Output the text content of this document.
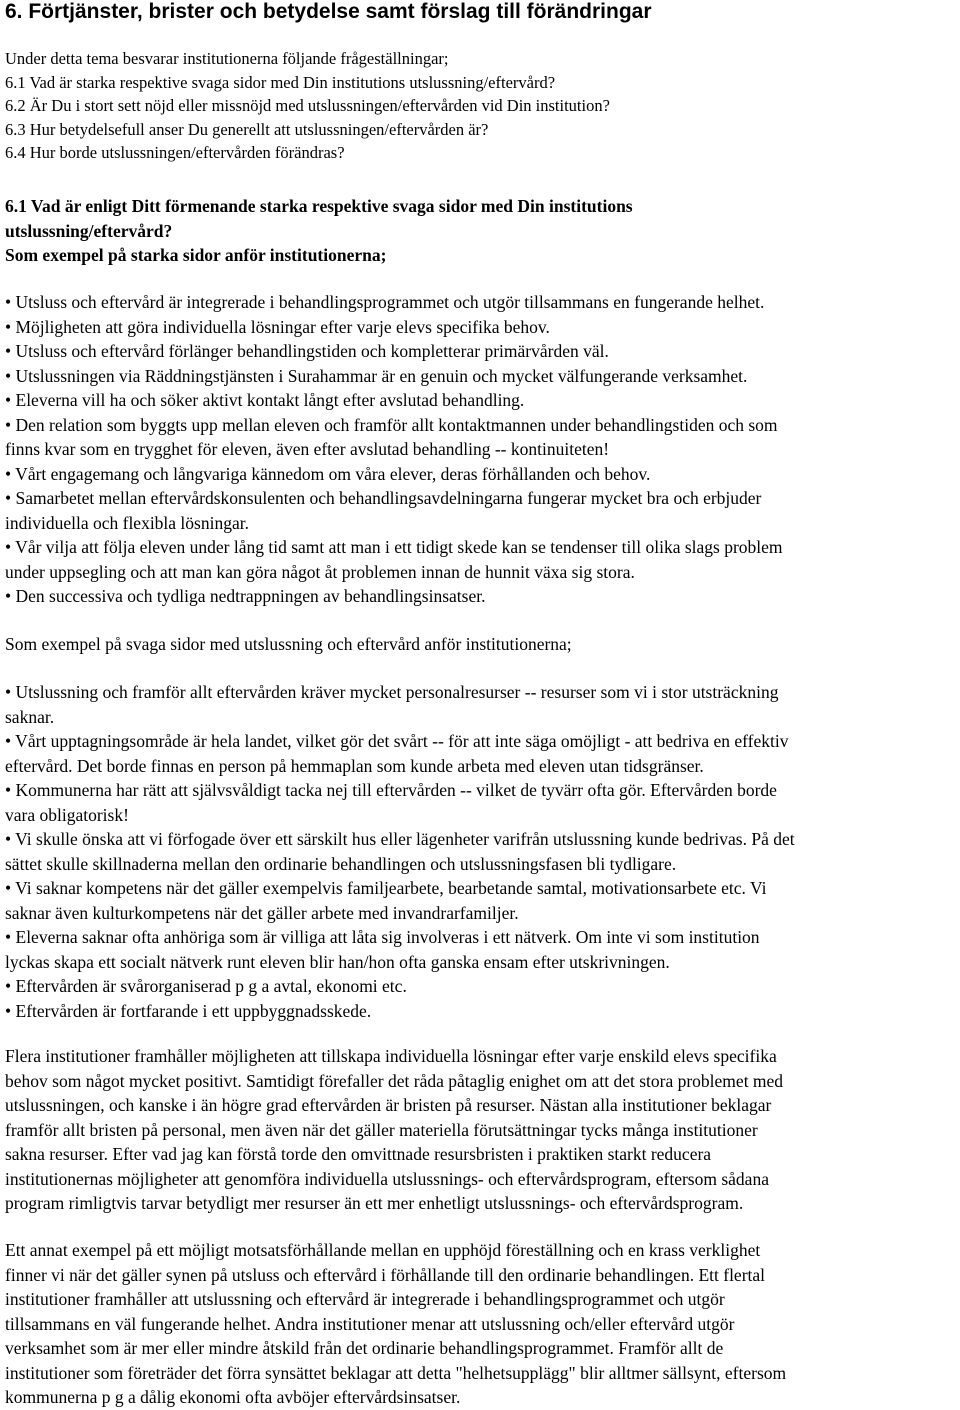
6. Förtjänster, brister och betydelse samt förslag till förändringar
Under detta tema besvarar institutionerna följande frågeställningar;
6.1 Vad är starka respektive svaga sidor med Din institutions utslussning/eftervård?
6.2 Är Du i stort sett nöjd eller missnöjd med utslussningen/eftervården vid Din institution?
6.3 Hur betydelsefull anser Du generellt att utslussningen/eftervården är?
6.4 Hur borde utslussningen/eftervården förändras?
6.1 Vad är enligt Ditt förmenande starka respektive svaga sidor med Din institutions
utslussning/eftervård?
Som exempel på starka sidor anför institutionerna;
• Utsluss och eftervård är integrerade i behandlingsprogrammet och utgör tillsammans en fungerande helhet.
• Möjligheten att göra individuella lösningar efter varje elevs specifika behov.
• Utsluss och eftervård förlänger behandlingstiden och kompletterar primärvården väl.
• Utslussningen via Räddningstjänsten i Surahammar är en genuin och mycket välfungerande verksamhet.
• Eleverna vill ha och söker aktivt kontakt långt efter avslutad behandling.
• Den relation som byggts upp mellan eleven och framför allt kontaktmannen under behandlingstiden och som
finns kvar som en trygghet för eleven, även efter avslutad behandling -- kontinuiteten!
• Vårt engagemang och långvariga kännedom om våra elever, deras förhållanden och behov.
• Samarbetet mellan eftervårdskonsulenten och behandlingsavdelningarna fungerar mycket bra och erbjuder
individuella och flexibla lösningar.
• Vår vilja att följa eleven under lång tid samt att man i ett tidigt skede kan se tendenser till olika slags problem
under uppsegling och att man kan göra något åt problemen innan de hunnit växa sig stora.
• Den successiva och tydliga nedtrappningen av behandlingsinsatser.
Som exempel på svaga sidor med utslussning och eftervård anför institutionerna;
• Utslussning och framför allt eftervården kräver mycket personalresurser -- resurser som vi i stor utsträckning
saknar.
• Vårt upptagningsområde är hela landet, vilket gör det svårt -- för att inte säga omöjligt - att bedriva en effektiv
eftervård. Det borde finnas en person på hemmaplan som kunde arbeta med eleven utan tidsgränser.
• Kommunerna har rätt att självsvåldigt tacka nej till eftervården -- vilket de tyvärr ofta gör. Eftervården borde
vara obligatorisk!
• Vi skulle önska att vi förfogade över ett särskilt hus eller lägenheter varifrån utslussning kunde bedrivas. På det
sättet skulle skillnaderna mellan den ordinarie behandlingen och utslussningsfasen bli tydligare.
• Vi saknar kompetens när det gäller exempelvis familjearbete, bearbetande samtal, motivationsarbete etc. Vi
saknar även kulturkompetens när det gäller arbete med invandrarfamiljer.
• Eleverna saknar ofta anhöriga som är villiga att låta sig involveras i ett nätverk. Om inte vi som institution
lyckas skapa ett socialt nätverk runt eleven blir han/hon ofta ganska ensam efter utskrivningen.
• Eftervården är svårorganiserad p g a avtal, ekonomi etc.
• Eftervården är fortfarande i ett uppbyggnadsskede.
Flera institutioner framhåller möjligheten att tillskapa individuella lösningar efter varje enskild elevs specifika
behov som något mycket positivt. Samtidigt förefaller det råda påtaglig enighet om att det stora problemet med
utslussningen, och kanske i än högre grad eftervården är bristen på resurser. Nästan alla institutioner beklagar
framför allt bristen på personal, men även när det gäller materiella förutsättningar tycks många institutioner
sakna resurser. Efter vad jag kan förstå torde den omvittnade resursbristen i praktiken starkt reducera
institutionernas möjligheter att genomföra individuella utslussnings- och eftervårdsprogram, eftersom sådana
program rimligtvis tarvar betydligt mer resurser än ett mer enhetligt utslussnings- och eftervårdsprogram.
Ett annat exempel på ett möjligt motsatsförhållande mellan en upphöjd föreställning och en krass verklighet
finner vi när det gäller synen på utsluss och eftervård i förhållande till den ordinarie behandlingen. Ett flertal
institutioner framhåller att utslussning och eftervård är integrerade i behandlingsprogrammet och utgör
tillsammans en väl fungerande helhet. Andra institutioner menar att utslussning och/eller eftervård utgör
verksamhet som är mer eller mindre åtskild från det ordinarie behandlingsprogrammet. Framför allt de
institutioner som företräder det förra synsättet beklagar att detta "helhetsupplägg" blir alltmer sällsynt, eftersom
kommunerna p g a dålig ekonomi ofta avböjer eftervårdsinsatser.
